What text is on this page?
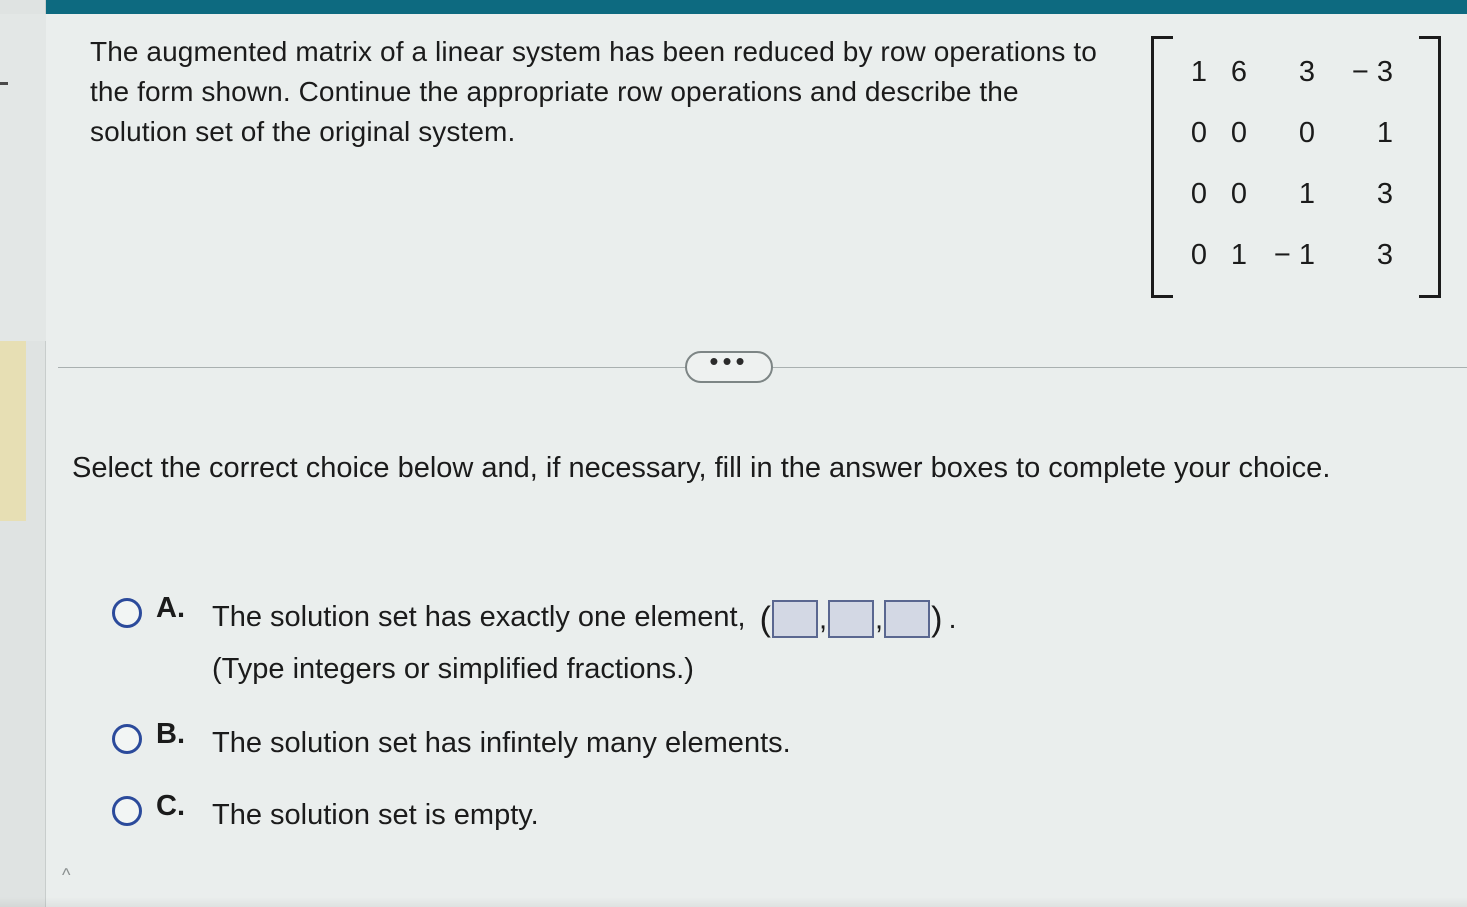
The augmented matrix of a linear system has been reduced by row operations to the form shown. Continue the appropriate row operations and describe the solution set of the original system.
1	6	3	− 3
0	0	0	1
0	0	1	3
0	1	− 1	3
•••
Select the correct choice below and, if necessary, fill in the answer boxes to complete your choice.
A. The solution set has exactly one element, ( , , ) .
(Type integers or simplified fractions.)
B. The solution set has infintely many elements.
C. The solution set is empty.
^
